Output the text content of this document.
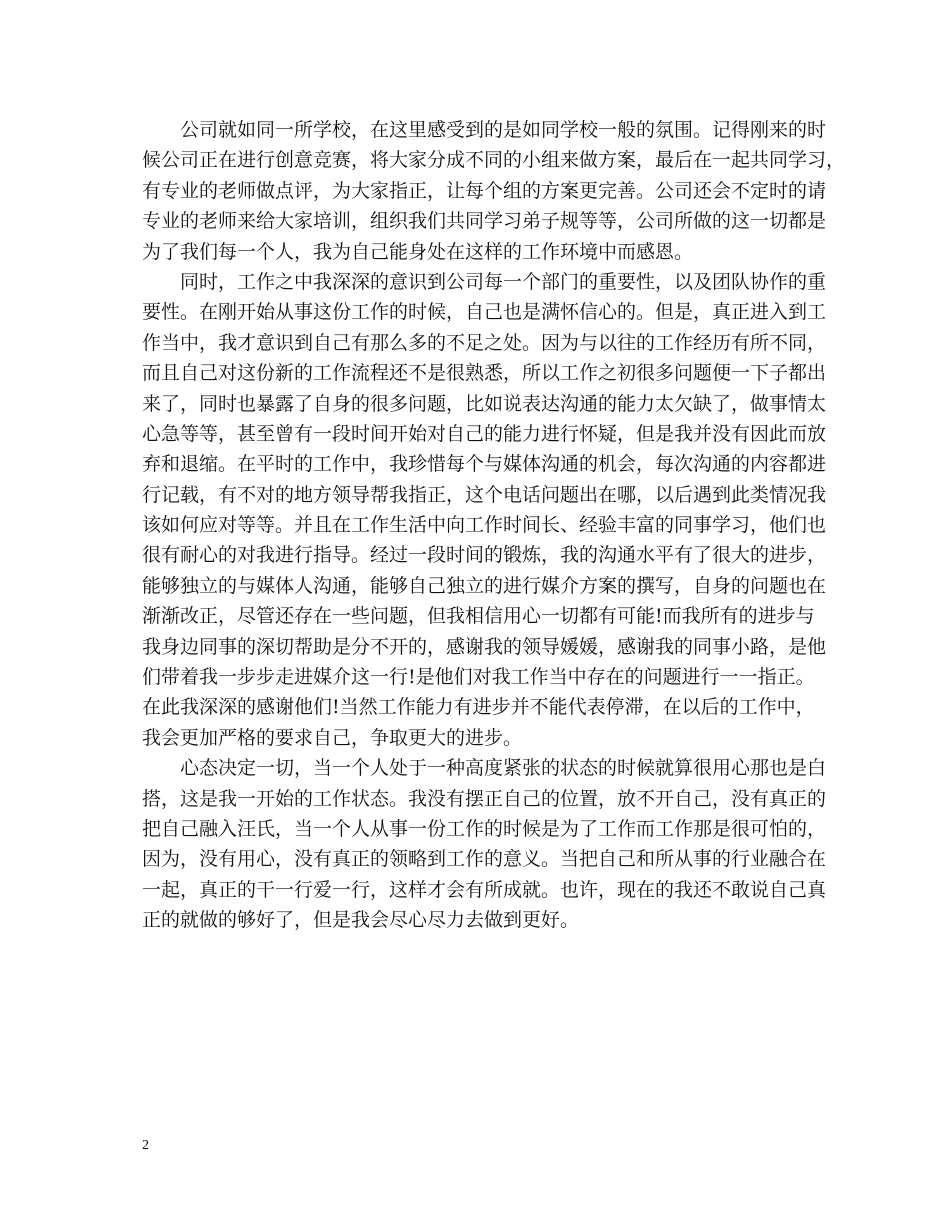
公司就如同一所学校，在这里感受到的是如同学校一般的氛围。记得刚来的时
候公司正在进行创意竞赛，将大家分成不同的小组来做方案，最后在一起共同学习，
有专业的老师做点评，为大家指正，让每个组的方案更完善。公司还会不定时的请
专业的老师来给大家培训，组织我们共同学习弟子规等等，公司所做的这一切都是
为了我们每一个人，我为自己能身处在这样的工作环境中而感恩。
同时，工作之中我深深的意识到公司每一个部门的重要性，以及团队协作的重
要性。在刚开始从事这份工作的时候，自己也是满怀信心的。但是，真正进入到工
作当中，我才意识到自己有那么多的不足之处。因为与以往的工作经历有所不同，
而且自己对这份新的工作流程还不是很熟悉，所以工作之初很多问题便一下子都出
来了，同时也暴露了自身的很多问题，比如说表达沟通的能力太欠缺了，做事情太
心急等等，甚至曾有一段时间开始对自己的能力进行怀疑，但是我并没有因此而放
弃和退缩。在平时的工作中，我珍惜每个与媒体沟通的机会，每次沟通的内容都进
行记载，有不对的地方领导帮我指正，这个电话问题出在哪，以后遇到此类情况我
该如何应对等等。并且在工作生活中向工作时间长、经验丰富的同事学习，他们也
很有耐心的对我进行指导。经过一段时间的锻炼，我的沟通水平有了很大的进步，
能够独立的与媒体人沟通，能够自己独立的进行媒介方案的撰写，自身的问题也在
渐渐改正，尽管还存在一些问题，但我相信用心一切都有可能!而我所有的进步与
我身边同事的深切帮助是分不开的，感谢我的领导媛媛，感谢我的同事小路，是他
们带着我一步步走进媒介这一行!是他们对我工作当中存在的问题进行一一指正。
在此我深深的感谢他们!当然工作能力有进步并不能代表停滞，在以后的工作中，
我会更加严格的要求自己，争取更大的进步。
心态决定一切，当一个人处于一种高度紧张的状态的时候就算很用心那也是白
搭，这是我一开始的工作状态。我没有摆正自己的位置，放不开自己，没有真正的
把自己融入汪氏，当一个人从事一份工作的时候是为了工作而工作那是很可怕的，
因为，没有用心，没有真正的领略到工作的意义。当把自己和所从事的行业融合在
一起，真正的干一行爱一行，这样才会有所成就。也许，现在的我还不敢说自己真
正的就做的够好了，但是我会尽心尽力去做到更好。
2
